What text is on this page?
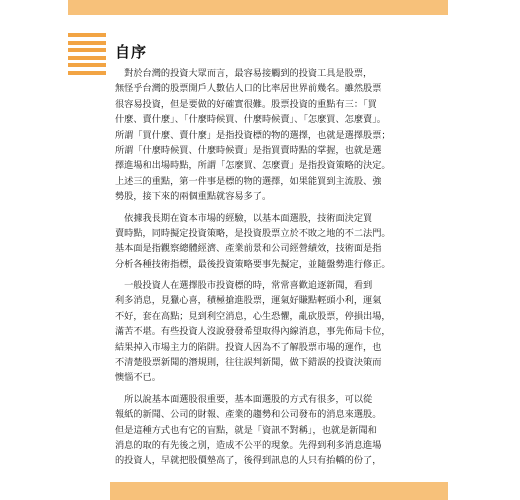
自序
　對於台灣的投資大眾而言，最容易接觸到的投資工具是股票，
無怪乎台灣的股票開戶人數佔人口的比率居世界前幾名。雖然股票
很容易投資，但是要做的好確實很難。股票投資的重點有三：「買
什麼、賣什麼」、「什麼時候買、什麼時候賣」、「怎麼買、怎麼賣」。
所謂「買什麼、賣什麼」是指投資標的物的選擇，也就是選擇股票；
所謂「什麼時候買、什麼時候賣」是指買賣時點的掌握，也就是選
擇進場和出場時點，所謂「怎麼買、怎麼賣」是指投資策略的決定。
上述三的重點，第一件事是標的物的選擇，如果能買到主流股、強
勢股，接下來的兩個重點就容易多了。
　依據我長期在資本市場的經驗，以基本面選股，技術面決定買
賣時點，同時擬定投資策略，是投資股票立於不敗之地的不二法門。
基本面是指觀察總體經濟、產業前景和公司經營績效，技術面是指
分析各種技術指標，最後投資策略要事先擬定，並隨盤勢進行修正。
　一般投資人在選擇股市投資標的時，常常喜歡追逐新聞，看到
利多消息，見獵心喜，積極搶進股票，運氣好賺點輕頭小利，運氣
不好，套在高點；見到利空消息，心生恐懼，亂砍股票，停損出場，
滿苦不堪。有些投資人沒說發發希望取得內線消息，事先佈局卡位，
結果掉入市場主力的陷阱。投資人因為不了解股票市場的運作，也
不清楚股票新聞的潛規則，往往誤判新聞，做下錯誤的投資決策而
懊惱不已。
　所以說基本面選股很重要，基本面選股的方式有很多，可以從
報紙的新聞、公司的財報、產業的趨勢和公司發布的消息來選股。
但是這種方式也有它的盲點，就是「資訊不對稱」，也就是新聞和
消息的取的有先後之別，造成不公平的現象。先得到利多消息進場
的投資人，早就把股價墊高了，後得到訊息的人只有抬轎的份了，
